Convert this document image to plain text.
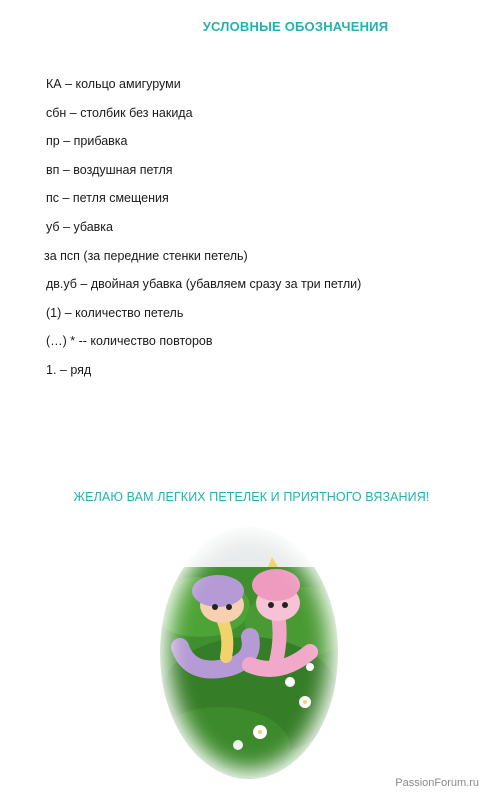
УСЛОВНЫЕ ОБОЗНАЧЕНИЯ
КА – кольцо амигуруми
сбн – столбик без накида
пр – прибавка
вп – воздушная петля
пс – петля смещения
уб – убавка
за псп (за передние стенки петель)
дв.уб – двойная убавка (убавляем сразу за три петли)
(1) – количество петель
(…) * -- количество повторов
1. – ряд
ЖЕЛАЮ ВАМ ЛЕГКИХ ПЕТЕЛЕК И ПРИЯТНОГО ВЯЗАНИЯ!
PassionForum.ru
